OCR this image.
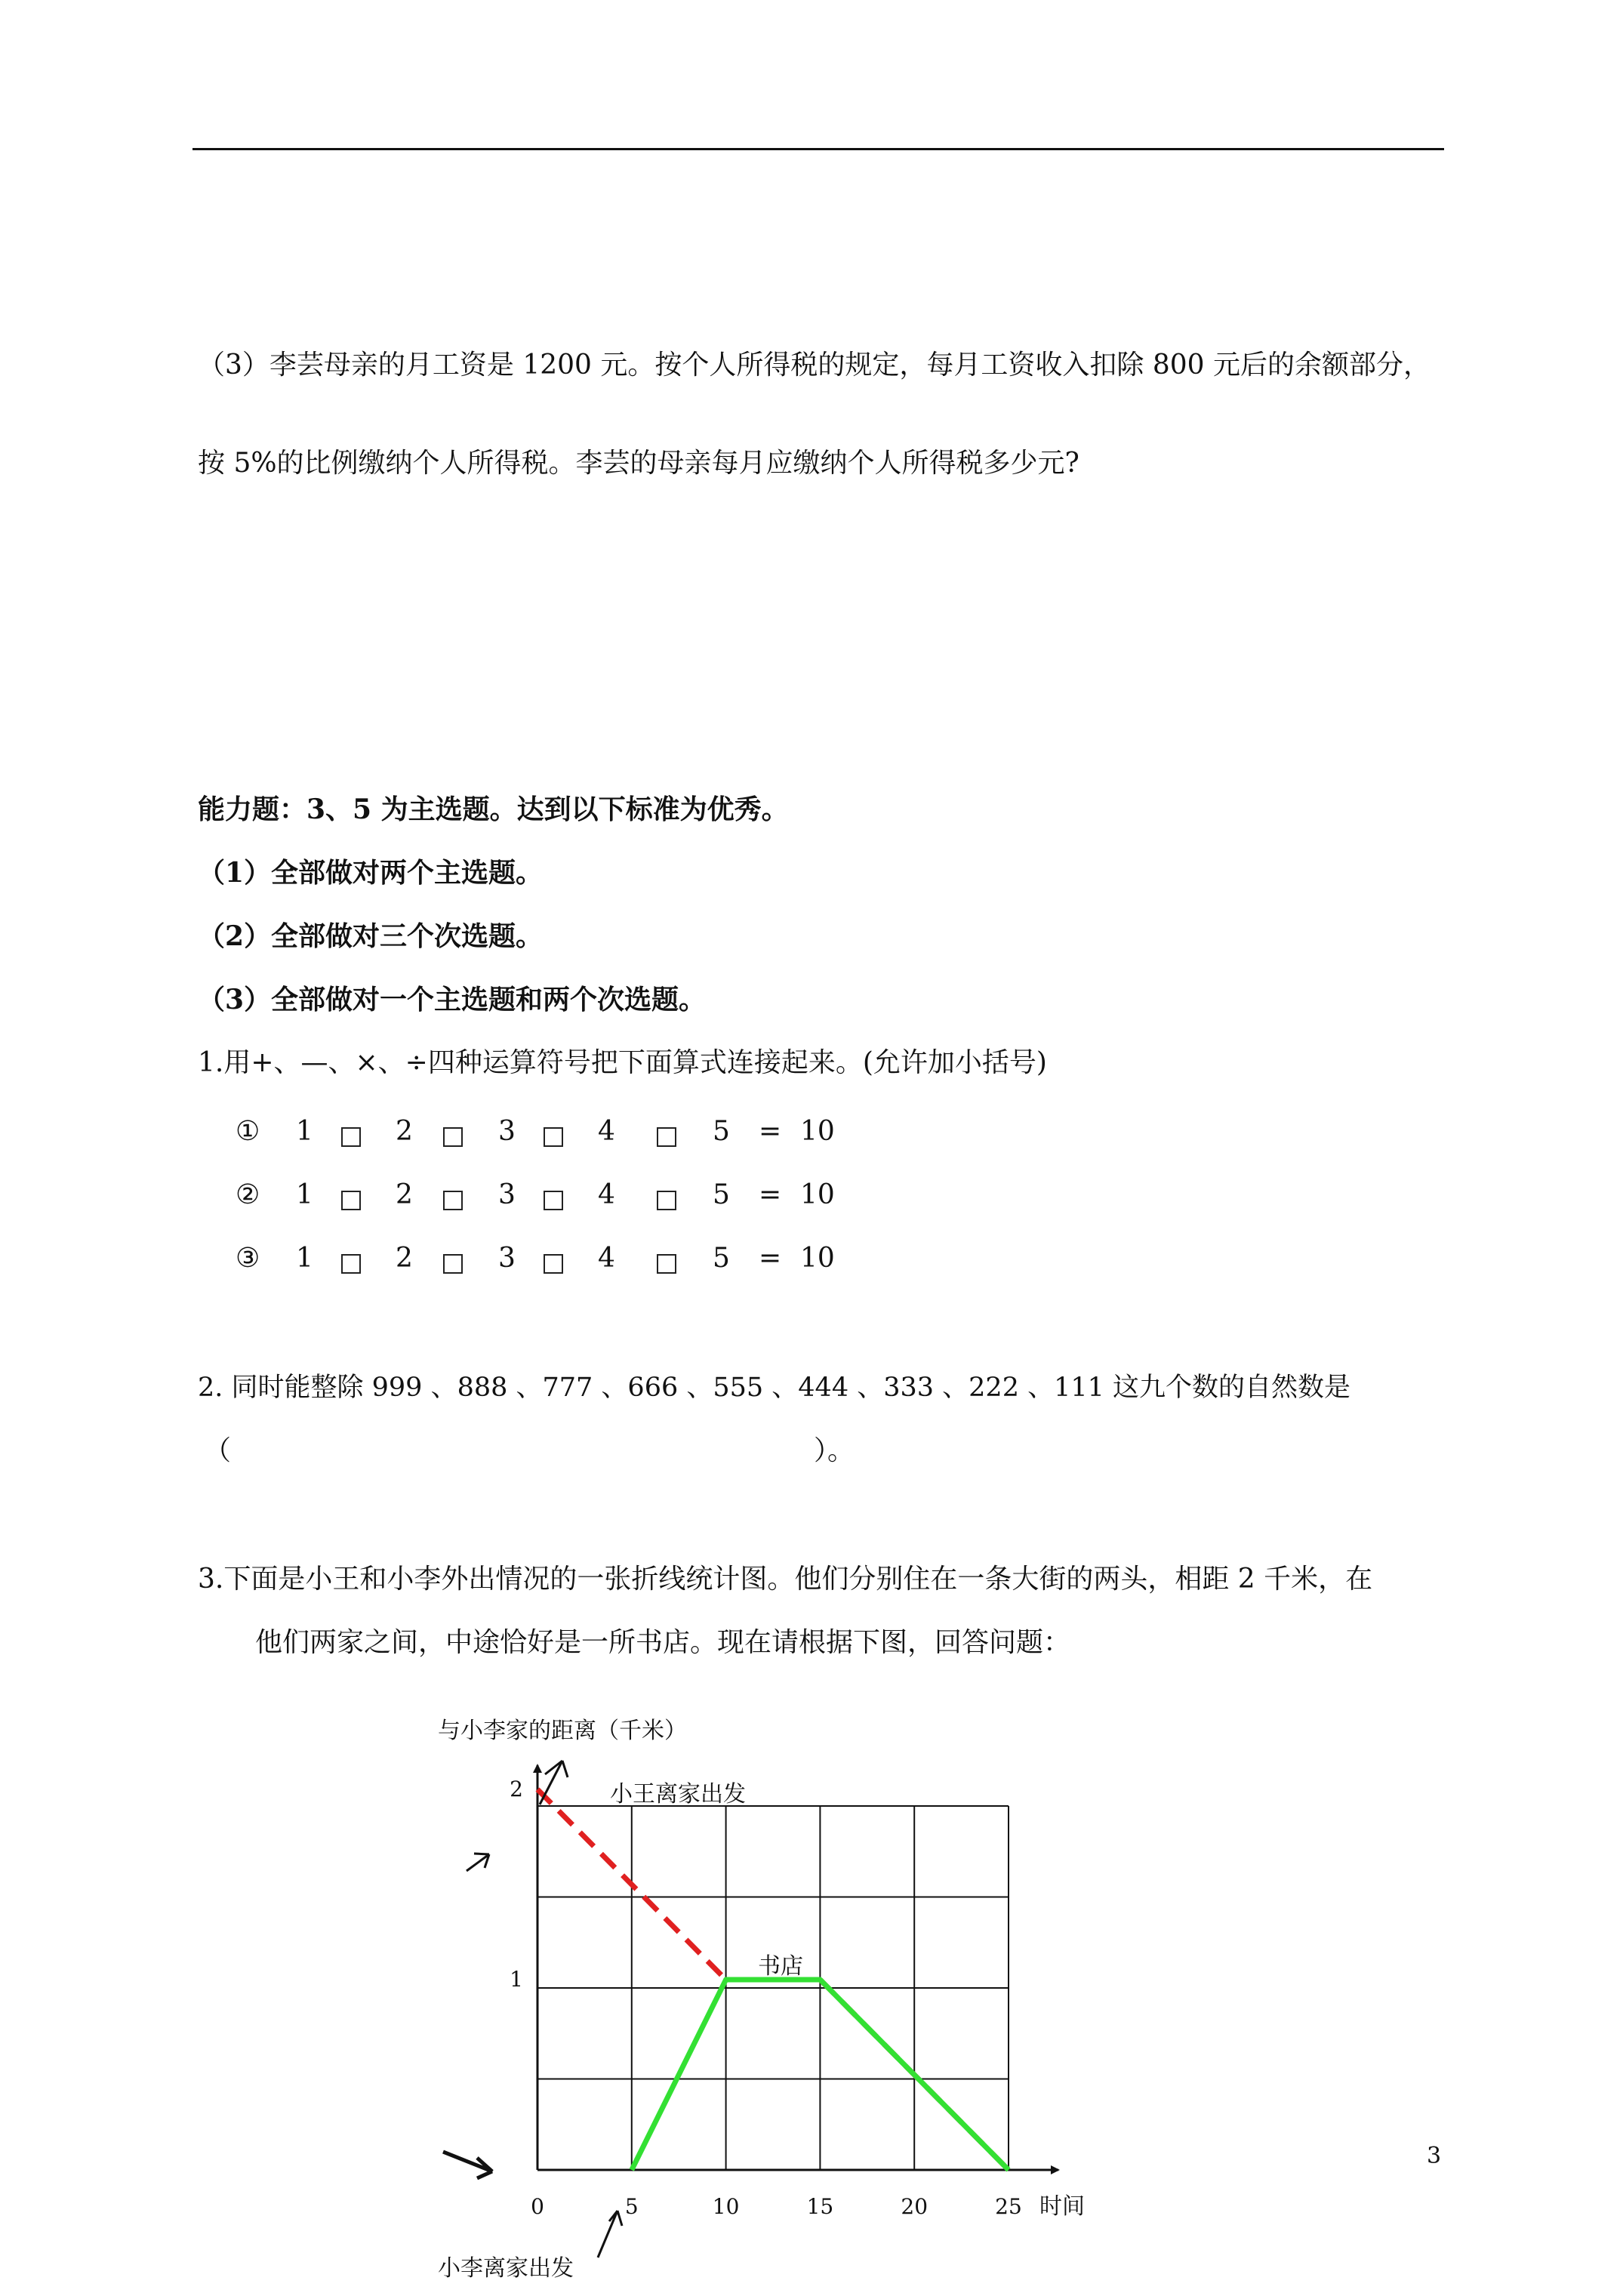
（3）李芸母亲的月工资是 1200 元。按个人所得税的规定，每月工资收入扣除 800 元后的余额部分，
按 5%的比例缴纳个人所得税。李芸的母亲每月应缴纳个人所得税多少元?
能力题：3、5 为主选题。达到以下标准为优秀。
（1）全部做对两个主选题。
（2）全部做对三个次选题。
（3）全部做对一个主选题和两个次选题。
1.用+、—、×、÷四种运算符号把下面算式连接起来。(允许加小括号)
① 1	2	3	4	5 = 10
② 1	2	3	4	5 = 10
③ 1	2	3	4	5 = 10
2. 同时能整除 999 、888 、777 、666 、555 、444 、333 、222 、111 这九个数的自然数是
（	）。
3.下面是小王和小李外出情况的一张折线统计图。他们分别住在一条大街的两头，相距 2 千米，在
他们两家之间，中途恰好是一所书店。现在请根据下图，回答问题：
0	5	10	15	20	25
1
2
与小李家的距离（千米）
时间
小王离家出发
书店
小李离家出发
3
